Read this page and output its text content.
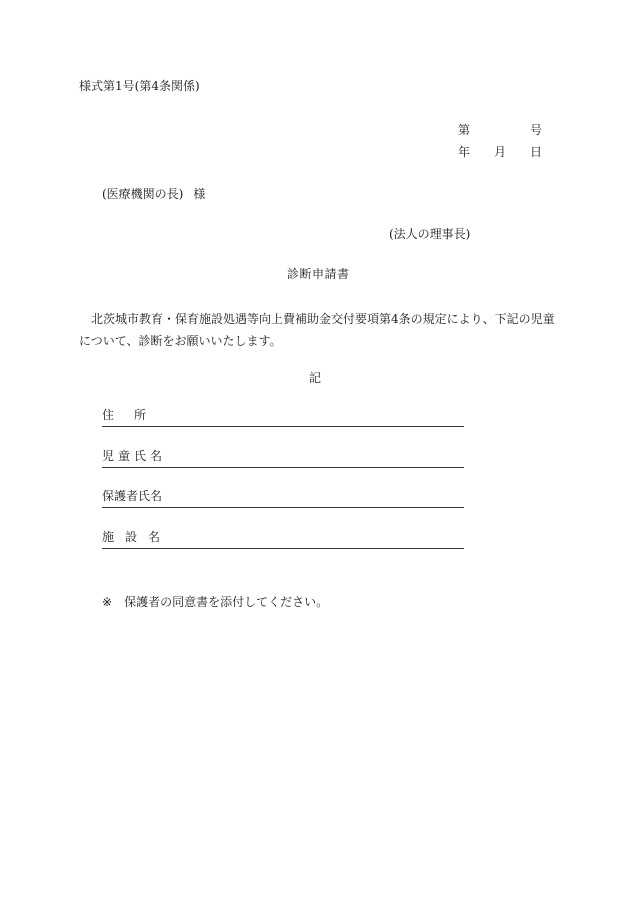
様式第1号(第4条関係)
第	号
年 月 日
(医療機関の長) 様
(法人の理事長)
診断申請書
北茨城市教育・保育施設処遇等向上費補助金交付要項第4条の規定により、下記の児童について、診断をお願いいたします。
記
住所
児童氏名
保護者氏名
施設名
※ 保護者の同意書を添付してください。
